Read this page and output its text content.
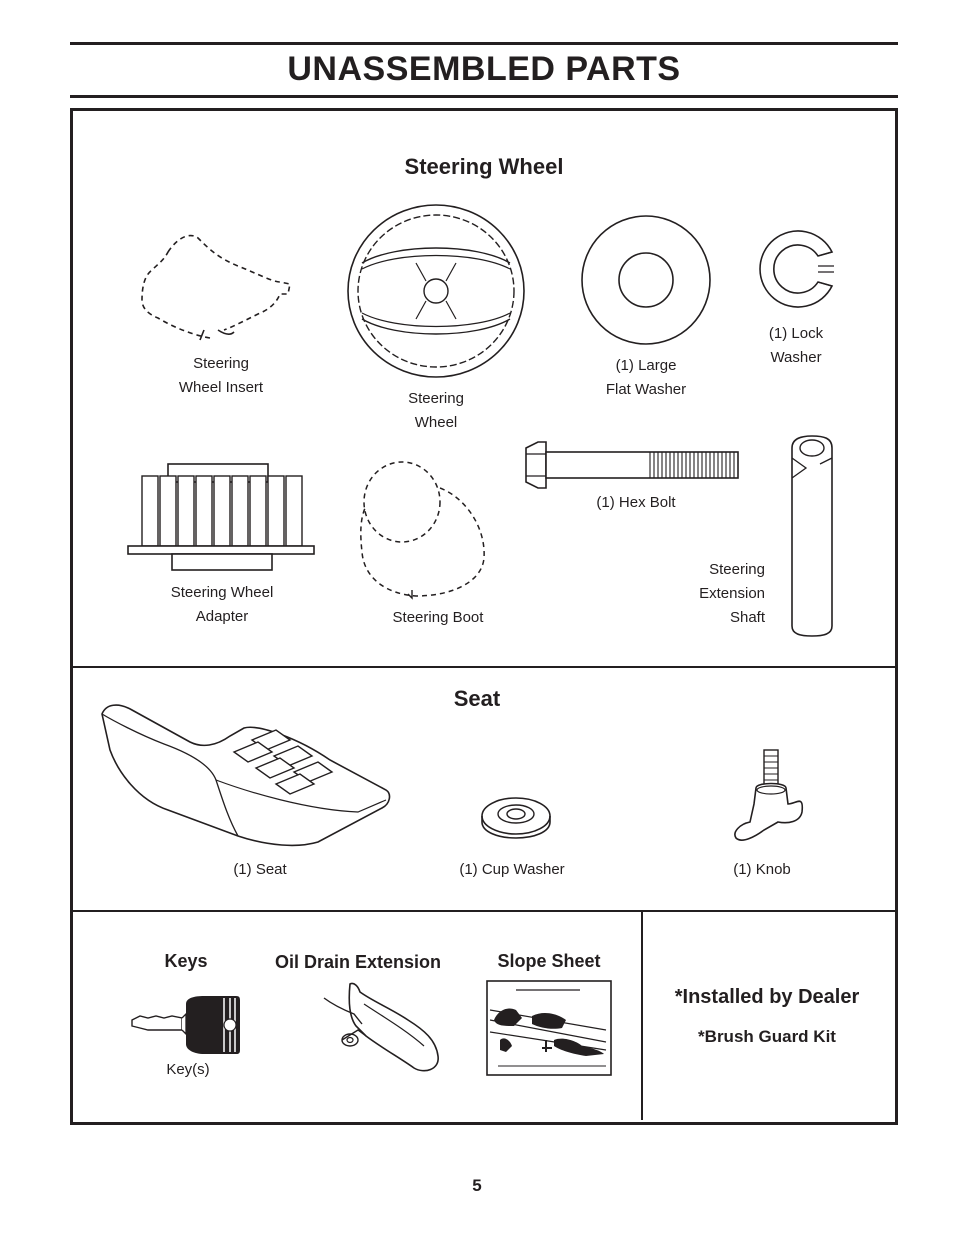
UNASSEMBLED PARTS
Steering Wheel
Steering
Wheel Insert
Steering
Wheel
(1) Large
Flat Washer
(1) Lock
Washer
(1) Hex Bolt
Steering Wheel
Adapter	Steering Boot
Steering
Extension
Shaft
Seat
(1) Seat	(1) Cup Washer	(1) Knob
Keys	Oil Drain Extension	Slope Sheet
Key(s)
*Installed by Dealer
*Brush Guard Kit
5
